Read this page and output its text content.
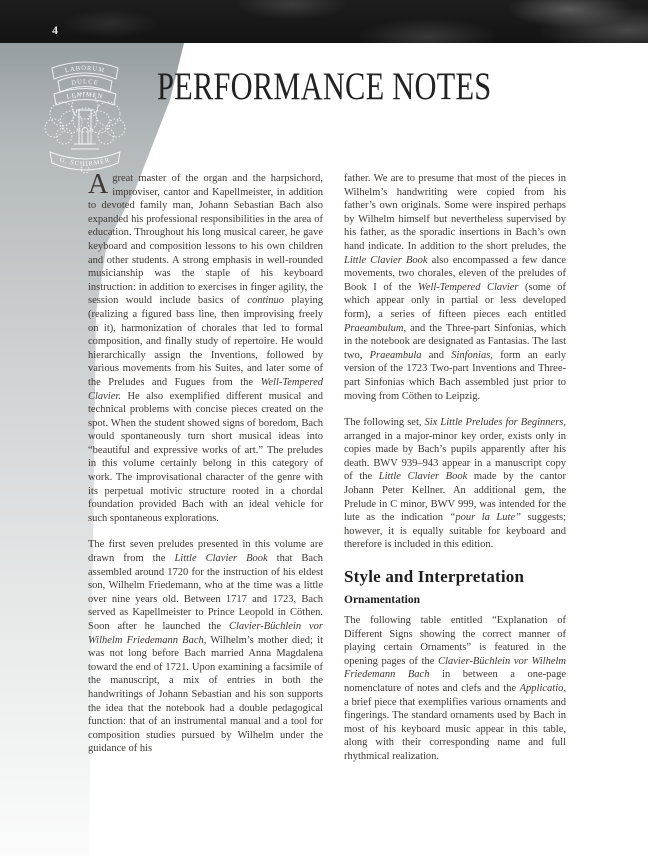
4
LABORUM
DULCE
LENIMEN
G. SCHIRMER
PERFORMANCE NOTES

Agreat master of the organ and the harpsichord, improviser, cantor and Kapellmeister, in addition to devoted family man, Johann Sebastian Bach also expanded his professional responsibilities in the area of education. Throughout his long musical career, he gave keyboard and composition lessons to his own children and other students. A strong emphasis in well-rounded musicianship was the staple of his keyboard instruction: in addition to exercises in finger agility, the session would include basics of continuo playing (realizing a figured bass line, then improvising freely on it), harmonization of chorales that led to formal composition, and finally study of repertoire. He would hierarchically assign the Inventions, followed by various movements from his Suites, and later some of the Preludes and Fugues from the Well-Tempered Clavier. He also exemplified different musical and technical problems with concise pieces created on the spot. When the student showed signs of boredom, Bach would spontaneously turn short musical ideas into “beautiful and expressive works of art.” The preludes in this volume certainly belong in this category of work. The improvisational character of the genre with its perpetual motivic structure rooted in a chordal foundation provided Bach with an ideal vehicle for such spontaneous explorations.

The first seven preludes presented in this volume are drawn from the Little Clavier Book that Bach assembled around 1720 for the instruction of his eldest son, Wilhelm Friedemann, who at the time was a little over nine years old. Between 1717 and 1723, Bach served as Kapellmeister to Prince Leopold in Cöthen. Soon after he launched the Clavier-Büchlein vor Wilhelm Friedemann Bach, Wilhelm’s mother died; it was not long before Bach married Anna Magdalena toward the end of 1721. Upon examining a facsimile of the manuscript, a mix of entries in both the handwritings of Johann Sebastian and his son supports the idea that the notebook had a double pedagogical function: that of an instrumental manual and a tool for composition studies pursued by Wilhelm under the guidance of his

father. We are to presume that most of the pieces in Wilhelm’s handwriting were copied from his father’s own originals. Some were inspired perhaps by Wilhelm himself but nevertheless supervised by his father, as the sporadic insertions in Bach’s own hand indicate. In addition to the short preludes, the Little Clavier Book also encompassed a few dance movements, two chorales, eleven of the preludes of Book I of the Well-Tempered Clavier (some of which appear only in partial or less developed form), a series of fifteen pieces each entitled Praeambulum, and the Three-part Sinfonias, which in the notebook are designated as Fantasias. The last two, Praeambula and Sinfonias, form an early version of the 1723 Two-part Inventions and Three-part Sinfonias which Bach assembled just prior to moving from Cöthen to Leipzig.

The following set, Six Little Preludes for Beginners, arranged in a major-minor key order, exists only in copies made by Bach’s pupils apparently after his death. BWV 939–943 appear in a manuscript copy of the Little Clavier Book made by the cantor Johann Peter Kellner. An additional gem, the Prelude in C minor, BWV 999, was intended for the lute as the indication “pour la Lute” suggests; however, it is equally suitable for keyboard and therefore is included in this edition.

Style and Interpretation
Ornamentation

The following table entitled “Explanation of Different Signs showing the correct manner of playing certain Ornaments” is featured in the opening pages of the Clavier-Büchlein vor Wilhelm Friedemann Bach in between a one-page nomenclature of notes and clefs and the Applicatio, a brief piece that exemplifies various ornaments and fingerings. The standard ornaments used by Bach in most of his keyboard music appear in this table, along with their corresponding name and full rhythmical realization.
